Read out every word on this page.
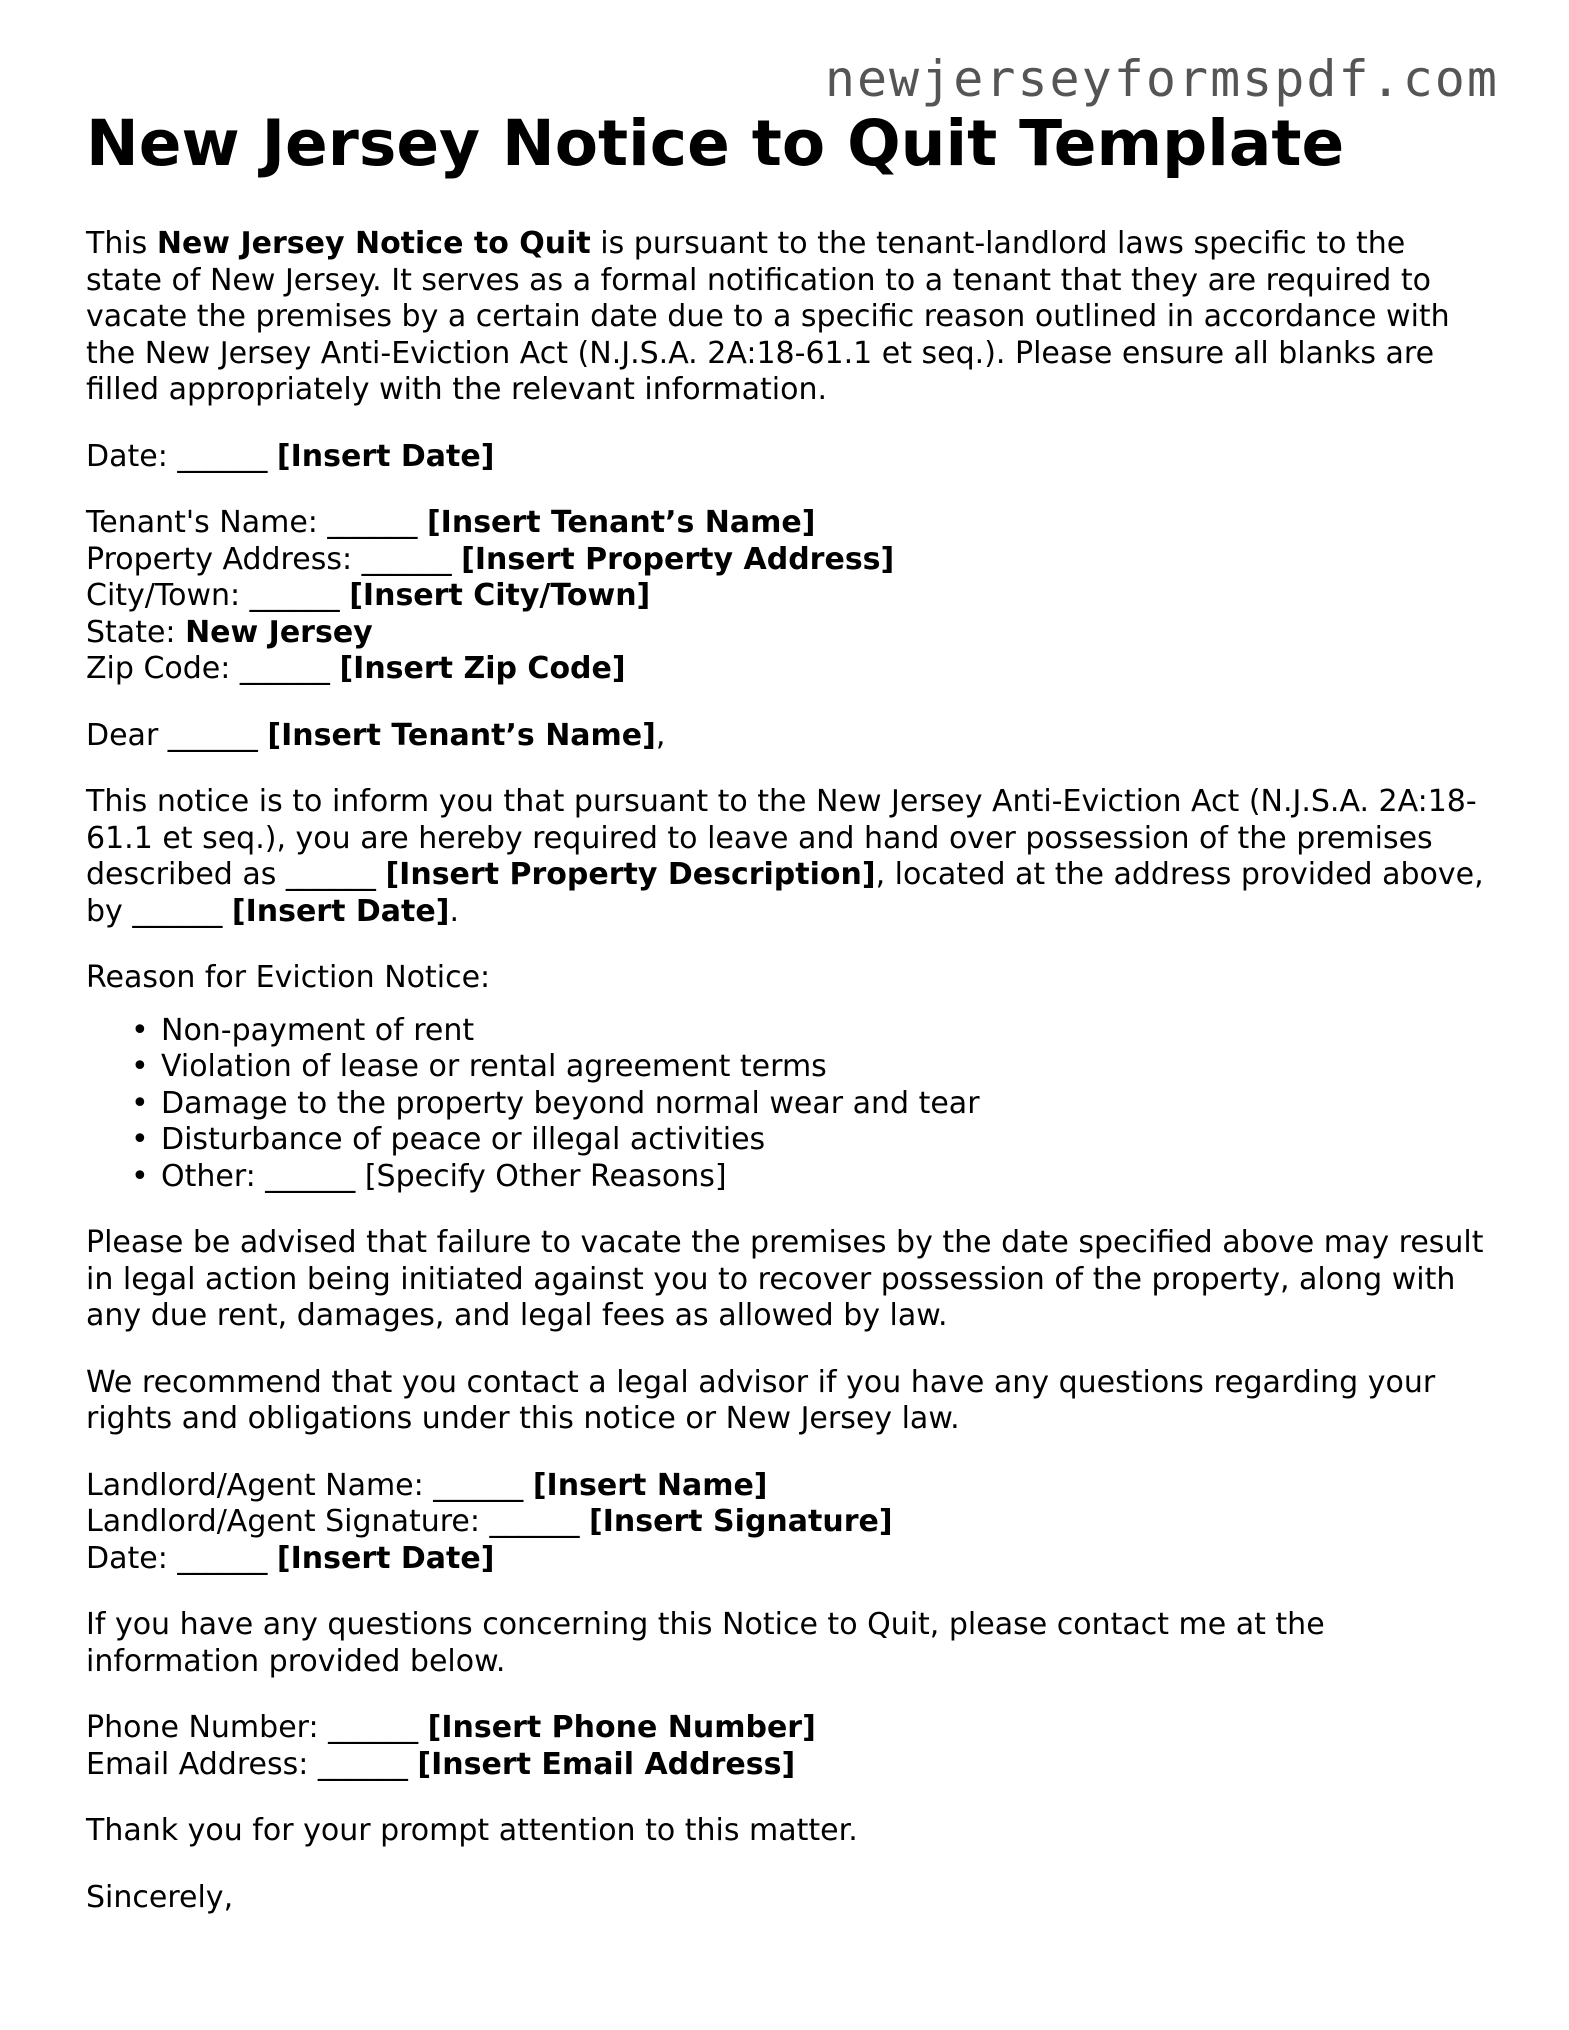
newjerseyformspdf.com
New Jersey Notice to Quit Template

This New Jersey Notice to Quit is pursuant to the tenant-landlord laws specific to the state of New Jersey. It serves as a formal notification to a tenant that they are required to vacate the premises by a certain date due to a specific reason outlined in accordance with the New Jersey Anti-Eviction Act (N.J.S.A. 2A:18-61.1 et seq.). Please ensure all blanks are filled appropriately with the relevant information.

Date: ______ [Insert Date]

Tenant's Name: ______ [Insert Tenant’s Name]
Property Address: ______ [Insert Property Address]
City/Town: ______ [Insert City/Town]
State: New Jersey
Zip Code: ______ [Insert Zip Code]

Dear ______ [Insert Tenant’s Name],

This notice is to inform you that pursuant to the New Jersey Anti-Eviction Act (N.J.S.A. 2A:18-61.1 et seq.), you are hereby required to leave and hand over possession of the premises described as ______ [Insert Property Description], located at the address provided above, by ______ [Insert Date].

Reason for Eviction Notice:

• Non-payment of rent
• Violation of lease or rental agreement terms
• Damage to the property beyond normal wear and tear
• Disturbance of peace or illegal activities
• Other: ______ [Specify Other Reasons]

Please be advised that failure to vacate the premises by the date specified above may result in legal action being initiated against you to recover possession of the property, along with any due rent, damages, and legal fees as allowed by law.

We recommend that you contact a legal advisor if you have any questions regarding your rights and obligations under this notice or New Jersey law.

Landlord/Agent Name: ______ [Insert Name]
Landlord/Agent Signature: ______ [Insert Signature]
Date: ______ [Insert Date]

If you have any questions concerning this Notice to Quit, please contact me at the information provided below.

Phone Number: ______ [Insert Phone Number]
Email Address: ______ [Insert Email Address]

Thank you for your prompt attention to this matter.

Sincerely,
